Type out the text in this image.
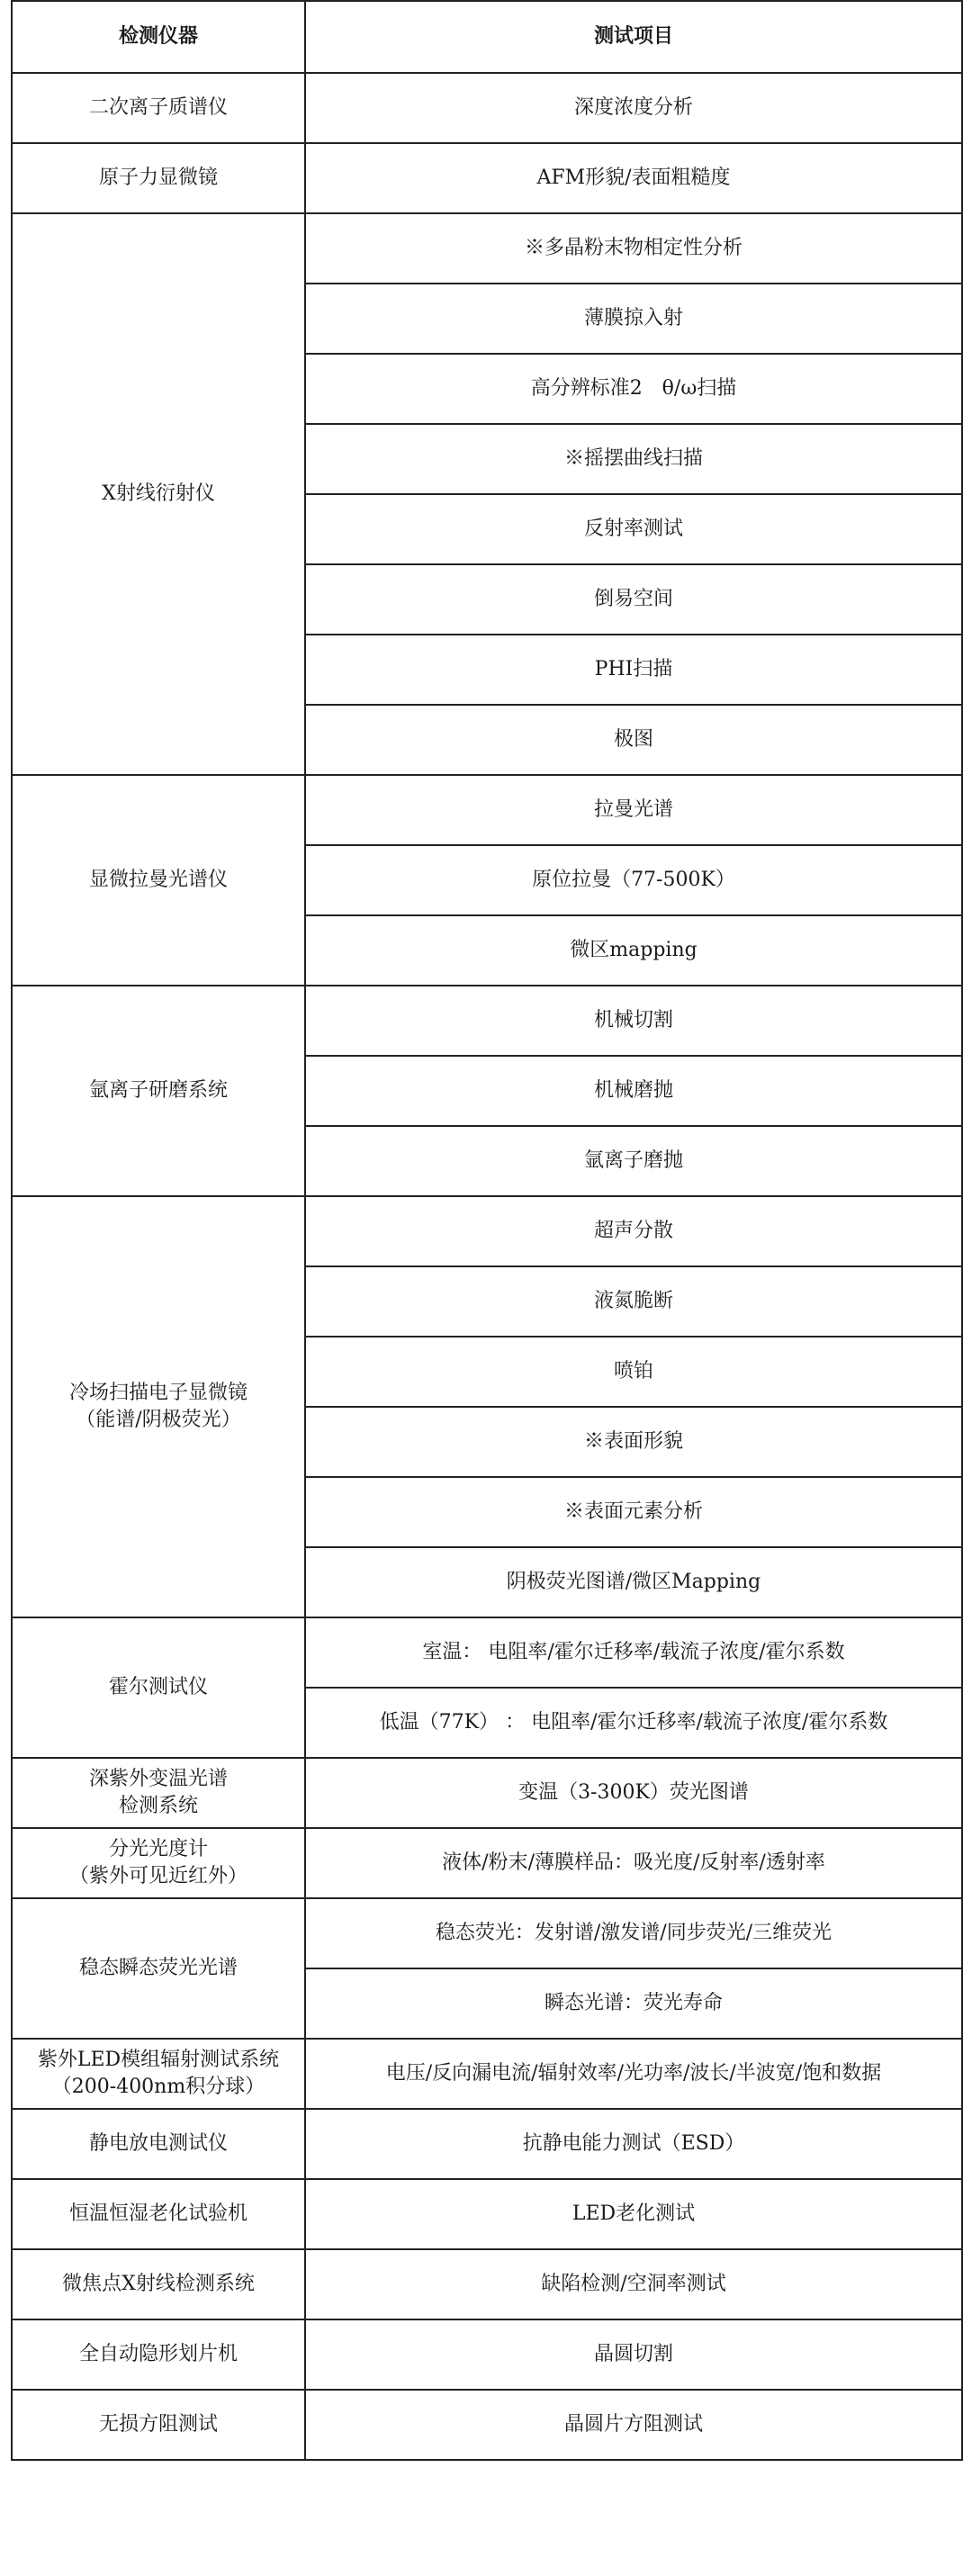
检测仪器	测试项目
二次离子质谱仪	深度浓度分析
原子力显微镜	AFM形貌/表面粗糙度
X射线衍射仪	※多晶粉末物相定性分析
	薄膜掠入射
	高分辨标准2　θ/ω扫描
	※摇摆曲线扫描
	反射率测试
	倒易空间
	PHI扫描
	极图
显微拉曼光谱仪	拉曼光谱
	原位拉曼（77-500K）
	微区mapping
氩离子研磨系统	机械切割
	机械磨抛
	氩离子磨抛

冷场扫描电子显微镜
（能谱/阴极荧光）	超声分散
	液氮脆断
	喷铂
	※表面形貌
	※表面元素分析
	阴极荧光图谱/微区Mapping
霍尔测试仪	室温： 电阻率/霍尔迁移率/载流子浓度/霍尔系数
	低温（77K） ： 电阻率/霍尔迁移率/载流子浓度/霍尔系数

深紫外变温光谱
检测系统	变温（3-300K）荧光图谱

分光光度计
（紫外可见近红外）	液体/粉末/薄膜样品：吸光度/反射率/透射率
稳态瞬态荧光光谱	稳态荧光：发射谱/激发谱/同步荧光/三维荧光
	瞬态光谱：荧光寿命

紫外LED模组辐射测试系统
（200-400nm积分球）	电压/反向漏电流/辐射效率/光功率/波长/半波宽/饱和数据
静电放电测试仪	抗静电能力测试（ESD）
恒温恒湿老化试验机	LED老化测试
微焦点X射线检测系统	缺陷检测/空洞率测试
全自动隐形划片机	晶圆切割
无损方阻测试	晶圆片方阻测试
